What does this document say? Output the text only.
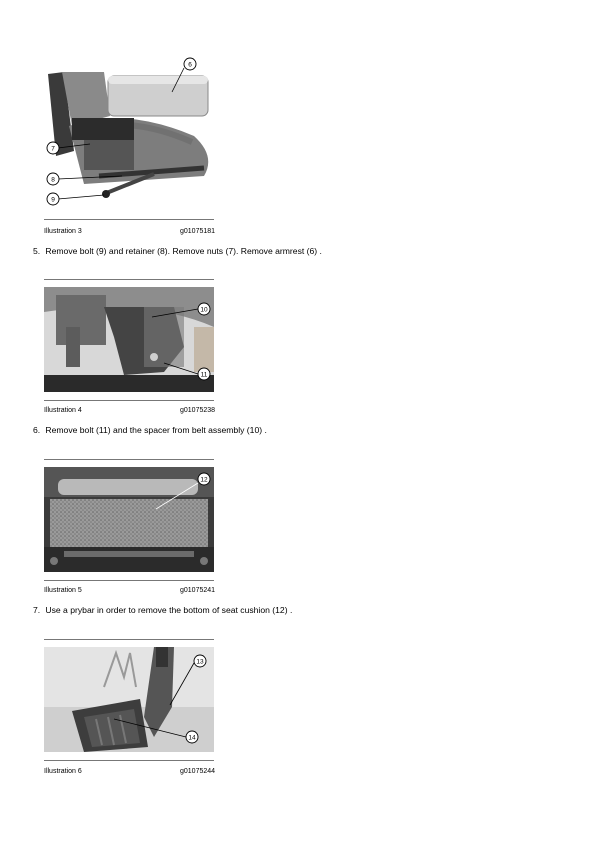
6
7
8
9
Illustration 3	g01075181
5. Remove bolt (9) and retainer (8). Remove nuts (7). Remove armrest (6) .
10
11
Illustration 4	g01075238
6. Remove bolt (11) and the spacer from belt assembly (10) .
12
Illustration 5	g01075241
7. Use a prybar in order to remove the bottom of seat cushion (12) .
13
14
Illustration 6	g01075244
